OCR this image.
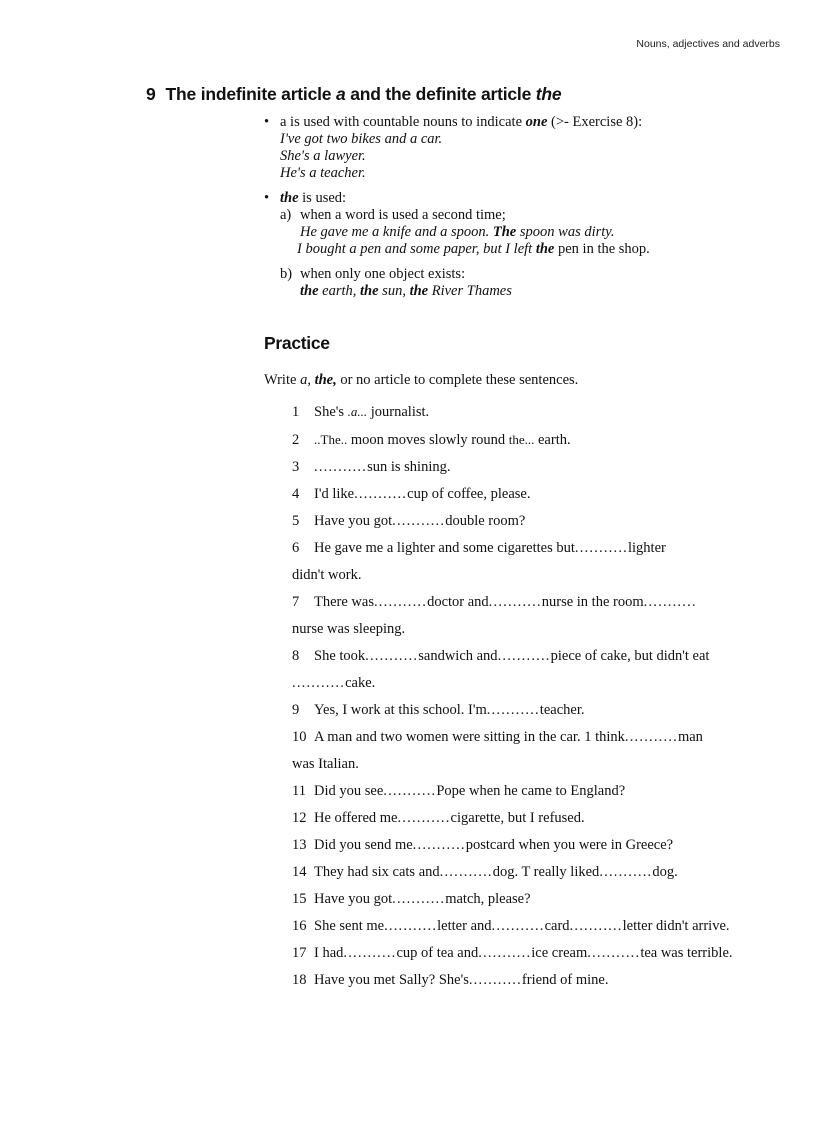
Nouns, adjectives and adverbs
9 The indefinite article a and the definite article the
• a is used with countable nouns to indicate one (>- Exercise 8):
I've got two bikes and a car.
She's a lawyer.
He's a teacher.
• the is used:
a) when a word is used a second time;
He gave me a knife and a spoon. The spoon was dirty.
I bought a pen and some paper, but I left the pen in the shop.
b) when only one object exists:
the earth, the sun, the River Thames
Practice
Write a, the, or no article to complete these sentences.
1 She's .a... journalist.
2 ..The.. moon moves slowly round the... earth.
3 ...........sun is shining.
4 I'd like...........cup of coffee, please.
5 Have you got...........double room?
6 He gave me a lighter and some cigarettes but...........lighter
didn't work.
7 There was...........doctor and...........nurse in the room...........
nurse was sleeping.
8 She took...........sandwich and...........piece of cake, but didn't eat
...........cake.
9 Yes, I work at this school. I'm...........teacher.
10 A man and two women were sitting in the car. 1 think...........man
was Italian.
11 Did you see...........Pope when he came to England?
12 He offered me...........cigarette, but I refused.
13 Did you send me...........postcard when you were in Greece?
14 They had six cats and...........dog. T really liked...........dog.
15 Have you got...........match, please?
16 She sent me...........letter and...........card...........letter didn't arrive.
17 I had...........cup of tea and...........ice cream...........tea was terrible.
18 Have you met Sally? She's...........friend of mine.
